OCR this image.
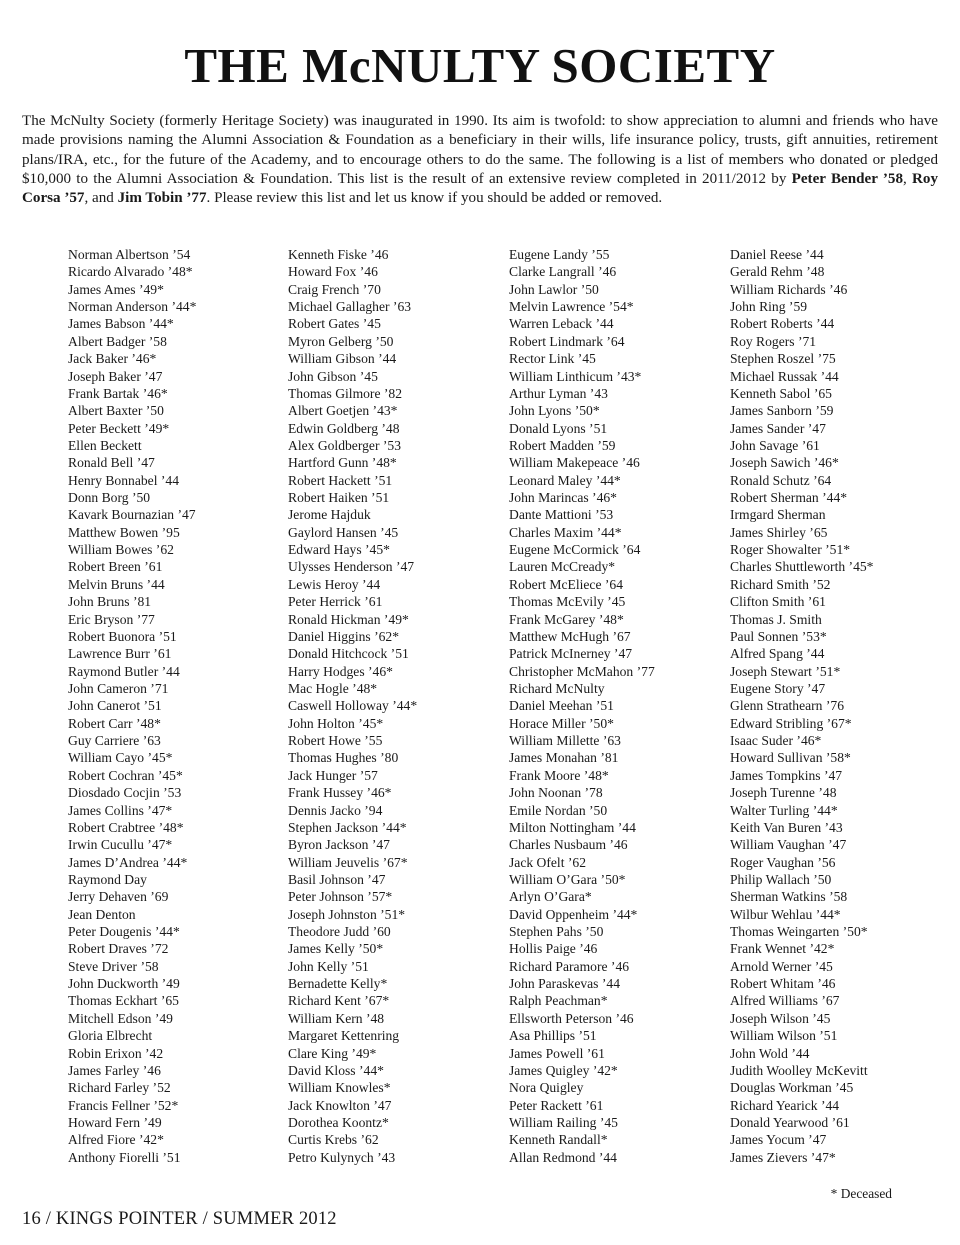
THE McNULTY SOCIETY

The McNulty Society (formerly Heritage Society) was inaugurated in 1990. Its aim is twofold: to show appreciation to alumni and friends who have made provisions naming the Alumni Association & Foundation as a beneficiary in their wills, life insurance policy, trusts, gift annuities, retirement plans/IRA, etc., for the future of the Academy, and to encourage others to do the same. The following is a list of members who donated or pledged $10,000 to the Alumni Association & Foundation. This list is the result of an extensive review completed in 2011/2012 by Peter Bender ’58, Roy Corsa ’57, and Jim Tobin ’77. Please review this list and let us know if you should be added or removed.

Norman Albertson ’54
Ricardo Alvarado ’48*
James Ames ’49*
Norman Anderson ’44*
James Babson ’44*
Albert Badger ’58
Jack Baker ’46*
Joseph Baker ’47
Frank Bartak ’46*
Albert Baxter ’50
Peter Beckett ’49*
Ellen Beckett
Ronald Bell ’47
Henry Bonnabel ’44
Donn Borg ’50
Kavark Bournazian ’47
Matthew Bowen ’95
William Bowes ’62
Robert Breen ’61
Melvin Bruns ’44
John Bruns ’81
Eric Bryson ’77
Robert Buonora ’51
Lawrence Burr ’61
Raymond Butler ’44
John Cameron ’71
John Canerot ’51
Robert Carr ’48*
Guy Carriere ’63
William Cayo ’45*
Robert Cochran ’45*
Diosdado Cocjin ’53
James Collins ’47*
Robert Crabtree ’48*
Irwin Cucullu ’47*
James D’Andrea ’44*
Raymond Day
Jerry Dehaven ’69
Jean Denton
Peter Dougenis ’44*
Robert Draves ’72
Steve Driver ’58
John Duckworth ’49
Thomas Eckhart ’65
Mitchell Edson ’49
Gloria Elbrecht
Robin Erixon ’42
James Farley ’46
Richard Farley ’52
Francis Fellner ’52*
Howard Fern ’49
Alfred Fiore ’42*
Anthony Fiorelli ’51
Kenneth Fiske ’46
Howard Fox ’46
Craig French ’70
Michael Gallagher ’63
Robert Gates ’45
Myron Gelberg ’50
William Gibson ’44
John Gibson ’45
Thomas Gilmore ’82
Albert Goetjen ’43*
Edwin Goldberg ’48
Alex Goldberger ’53
Hartford Gunn ’48*
Robert Hackett ’51
Robert Haiken ’51
Jerome Hajduk
Gaylord Hansen ’45
Edward Hays ’45*
Ulysses Henderson ’47
Lewis Heroy ’44
Peter Herrick ’61
Ronald Hickman ’49*
Daniel Higgins ’62*
Donald Hitchcock ’51
Harry Hodges ’46*
Mac Hogle ’48*
Caswell Holloway ’44*
John Holton ’45*
Robert Howe ’55
Thomas Hughes ’80
Jack Hunger ’57
Frank Hussey ’46*
Dennis Jacko ’94
Stephen Jackson ’44*
Byron Jackson ’47
William Jeuvelis ’67*
Basil Johnson ’47
Peter Johnson ’57*
Joseph Johnston ’51*
Theodore Judd ’60
James Kelly ’50*
John Kelly ’51
Bernadette Kelly*
Richard Kent ’67*
William Kern ’48
Margaret Kettenring
Clare King ’49*
David Kloss ’44*
William Knowles*
Jack Knowlton ’47
Dorothea Koontz*
Curtis Krebs ’62
Petro Kulynych ’43
Eugene Landy ’55
Clarke Langrall ’46
John Lawlor ’50
Melvin Lawrence ’54*
Warren Leback ’44
Robert Lindmark ’64
Rector Link ’45
William Linthicum ’43*
Arthur Lyman ’43
John Lyons ’50*
Donald Lyons ’51
Robert Madden ’59
William Makepeace ’46
Leonard Maley ’44*
John Marincas ’46*
Dante Mattioni ’53
Charles Maxim ’44*
Eugene McCormick ’64
Lauren McCready*
Robert McEliece ’64
Thomas McEvily ’45
Frank McGarey ’48*
Matthew McHugh ’67
Patrick McInerney ’47
Christopher McMahon ’77
Richard McNulty
Daniel Meehan ’51
Horace Miller ’50*
William Millette ’63
James Monahan ’81
Frank Moore ’48*
John Noonan ’78
Emile Nordan ’50
Milton Nottingham ’44
Charles Nusbaum ’46
Jack Ofelt ’62
William O’Gara ’50*
Arlyn O’Gara*
David Oppenheim ’44*
Stephen Pahs ’50
Hollis Paige ’46
Richard Paramore ’46
John Paraskevas ’44
Ralph Peachman*
Ellsworth Peterson ’46
Asa Phillips ’51
James Powell ’61
James Quigley ’42*
Nora Quigley
Peter Rackett ’61
William Railing ’45
Kenneth Randall*
Allan Redmond ’44
Daniel Reese ’44
Gerald Rehm ’48
William Richards ’46
John Ring ’59
Robert Roberts ’44
Roy Rogers ’71
Stephen Roszel ’75
Michael Russak ’44
Kenneth Sabol ’65
James Sanborn ’59
James Sander ’47
John Savage ’61
Joseph Sawich ’46*
Ronald Schutz ’64
Robert Sherman ’44*
Irmgard Sherman
James Shirley ’65
Roger Showalter ’51*
Charles Shuttleworth ’45*
Richard Smith ’52
Clifton Smith ’61
Thomas J. Smith
Paul Sonnen ’53*
Alfred Spang ’44
Joseph Stewart ’51*
Eugene Story ’47
Glenn Strathearn ’76
Edward Stribling ’67*
Isaac Suder ’46*
Howard Sullivan ’58*
James Tompkins ’47
Joseph Turenne ’48
Walter Turling ’44*
Keith Van Buren ’43
William Vaughan ’47
Roger Vaughan ’56
Philip Wallach ’50
Sherman Watkins ’58
Wilbur Wehlau ’44*
Thomas Weingarten ’50*
Frank Wennet ’42*
Arnold Werner ’45
Robert Whitam ’46
Alfred Williams ’67
Joseph Wilson ’45
William Wilson ’51
John Wold ’44
Judith Woolley McKevitt
Douglas Workman ’45
Richard Yearick ’44
Donald Yearwood ’61
James Yocum ’47
James Zievers ’47*
* Deceased
16 / KINGS POINTER / SUMMER 2012
